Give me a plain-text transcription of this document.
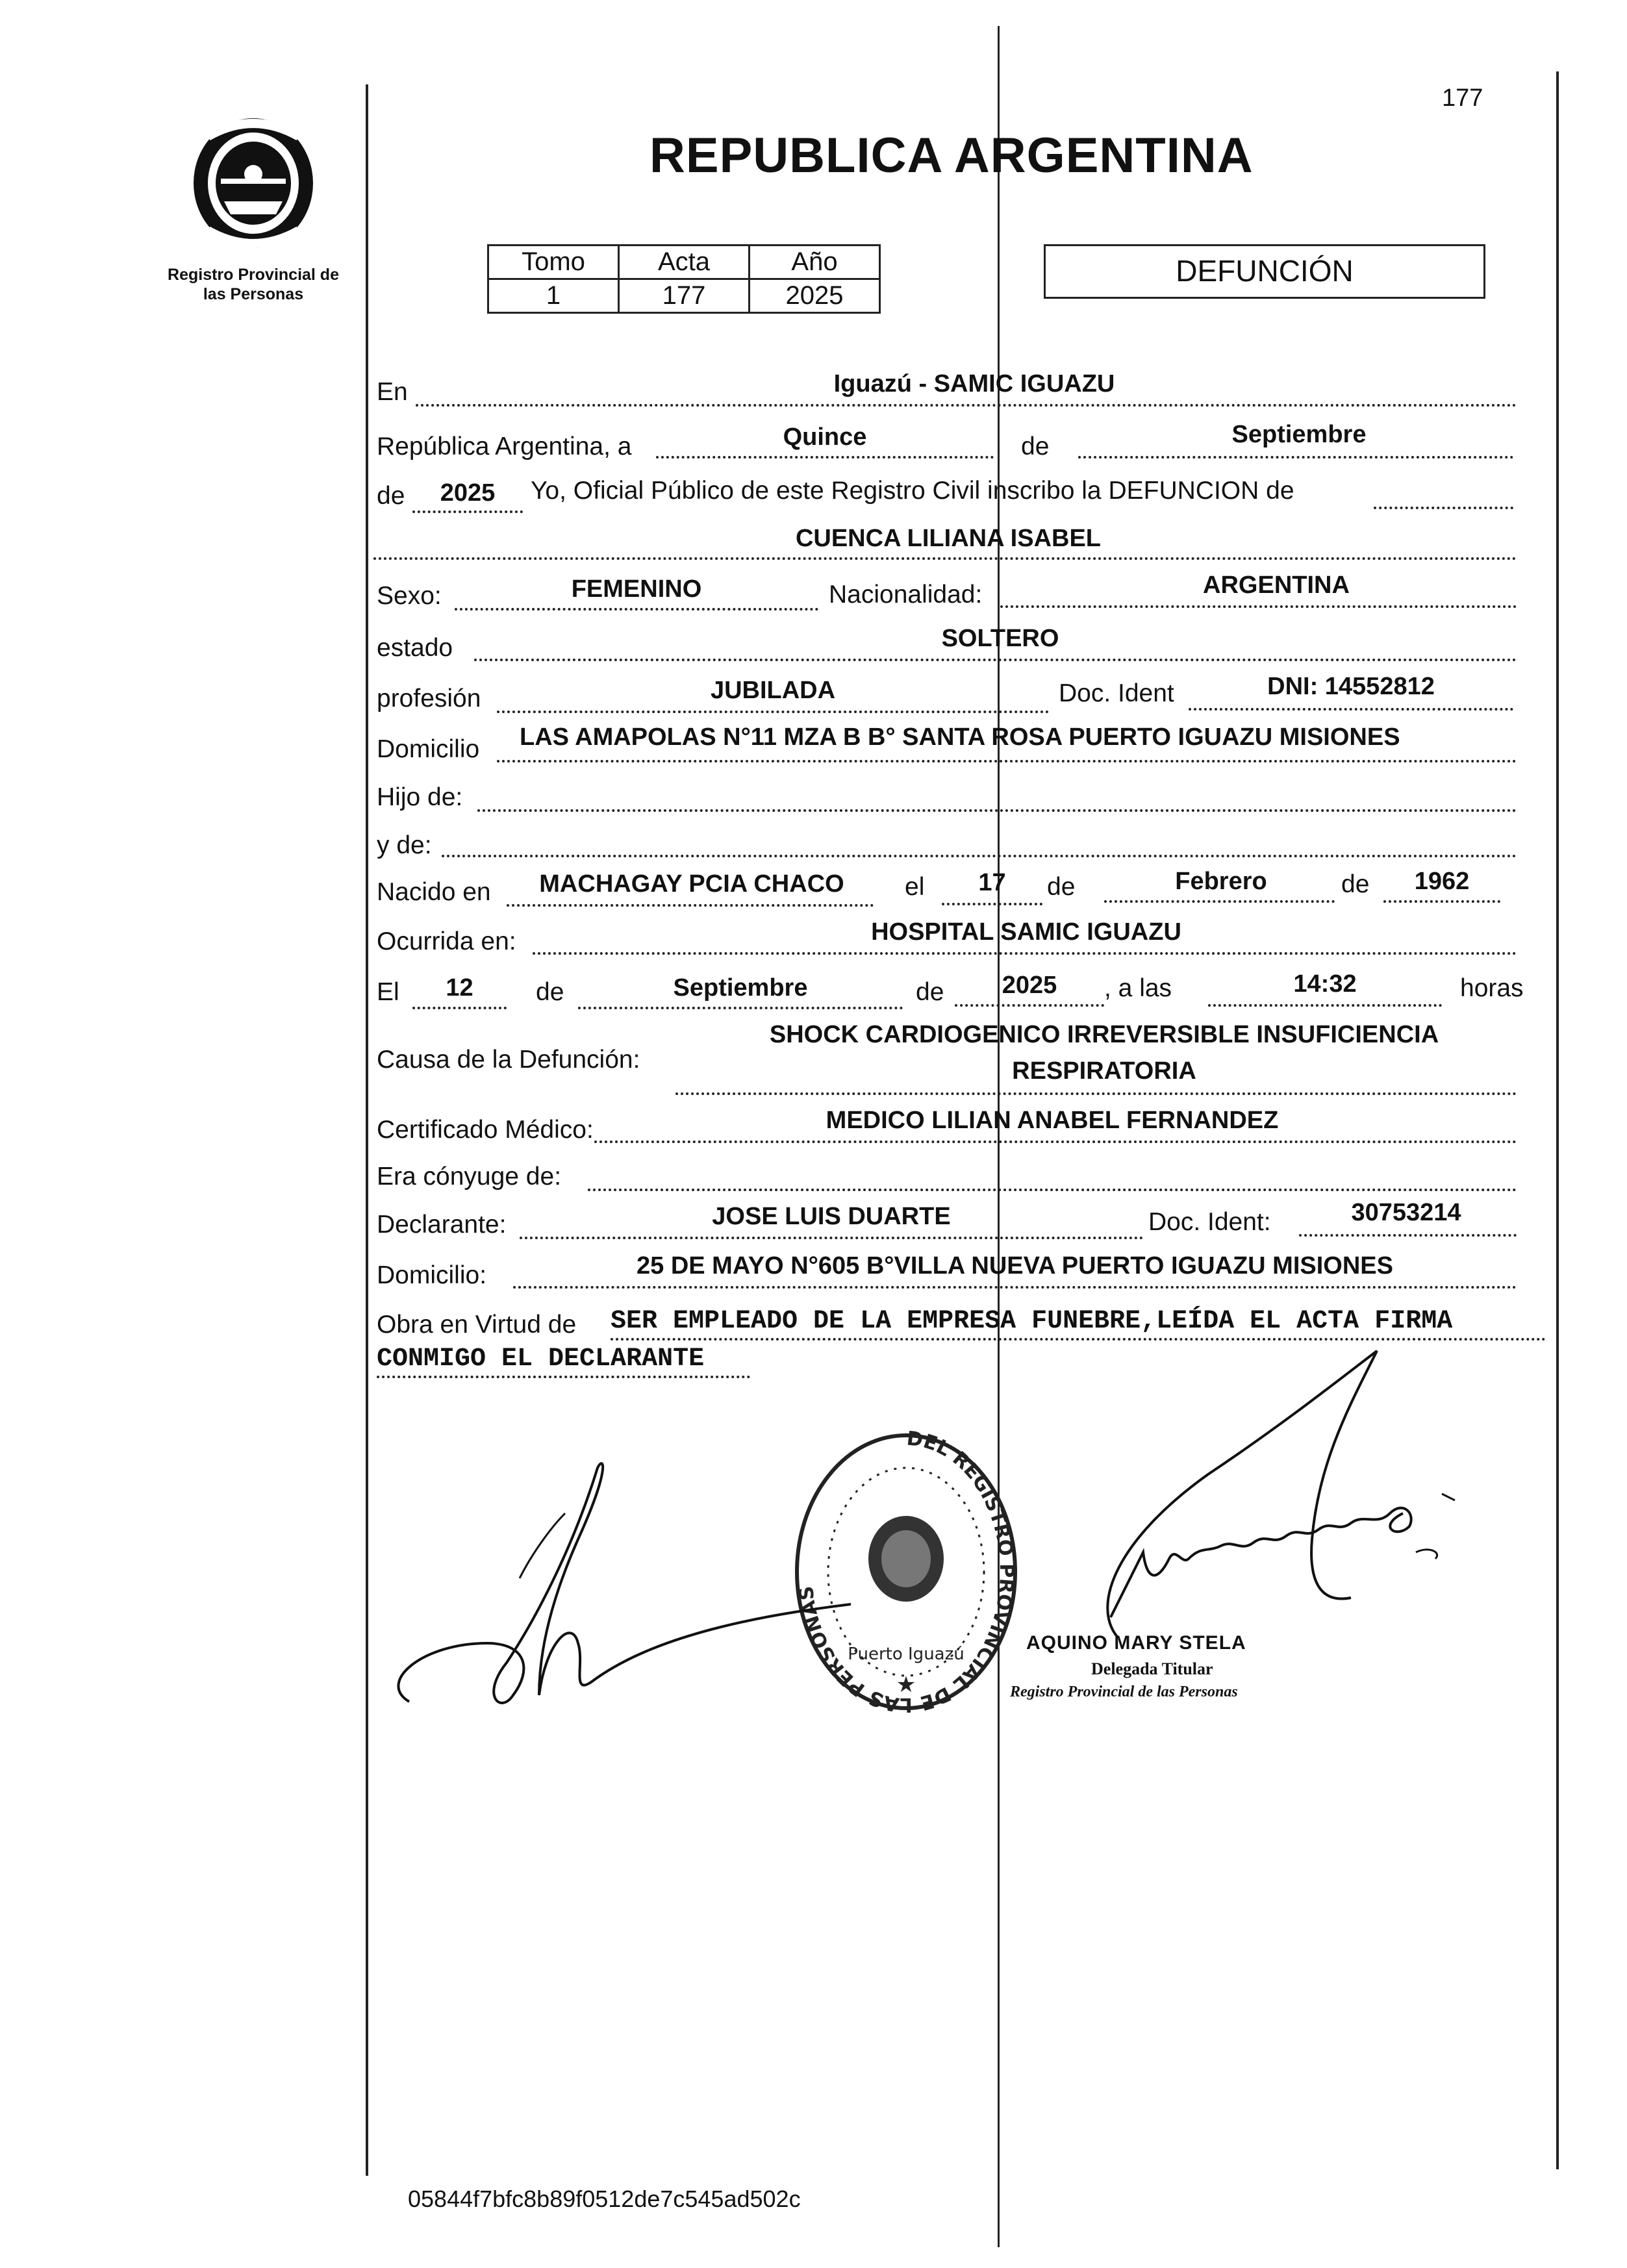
Registro Provincial de
las Personas
177
REPUBLICA ARGENTINA
Tomo	Acta	Año
1	177	2025
DEFUNCIÓN
En	Iguazú - SAMIC IGUAZU
República Argentina, a	Quince	de	Septiembre
de	2025	Yo, Oficial Público de este Registro Civil inscribo la DEFUNCION de
CUENCA LILIANA ISABEL
Sexo:	FEMENINO	Nacionalidad:	ARGENTINA
estado	SOLTERO
profesión	JUBILADA	Doc. Ident	DNI: 14552812
Domicilio LAS AMAPOLAS N°11 MZA B B° SANTA ROSA PUERTO IGUAZU MISIONES
Hijo de:
y de:
Nacido en	MACHAGAY PCIA CHACO	el	17	de	Febrero	de	1962
Ocurrida en:	HOSPITAL SAMIC IGUAZU
El	12	de	Septiembre	de	2025	, a las	14:32	horas
Causa de la Defunción:
SHOCK CARDIOGENICO IRREVERSIBLE INSUFICIENCIA
RESPIRATORIA
Certificado Médico:	MEDICO LILIAN ANABEL FERNANDEZ
Era cónyuge de:
Declarante:	JOSE LUIS DUARTE	Doc. Ident:	30753214
Domicilio:	25 DE MAYO N°605 B°VILLA NUEVA PUERTO IGUAZU MISIONES
Obra en Virtud de SER EMPLEADO DE LA EMPRESA FUNEBRE,LEÍDA EL ACTA FIRMA
CONMIGO EL DECLARANTE
DEL REGISTRO PROVINCIAL DE LAS PERSONAS
Puerto Iguazú
★
AQUINO MARY STELA
Delegada Titular
Registro Provincial de las Personas
05844f7bfc8b89f0512de7c545ad502c
